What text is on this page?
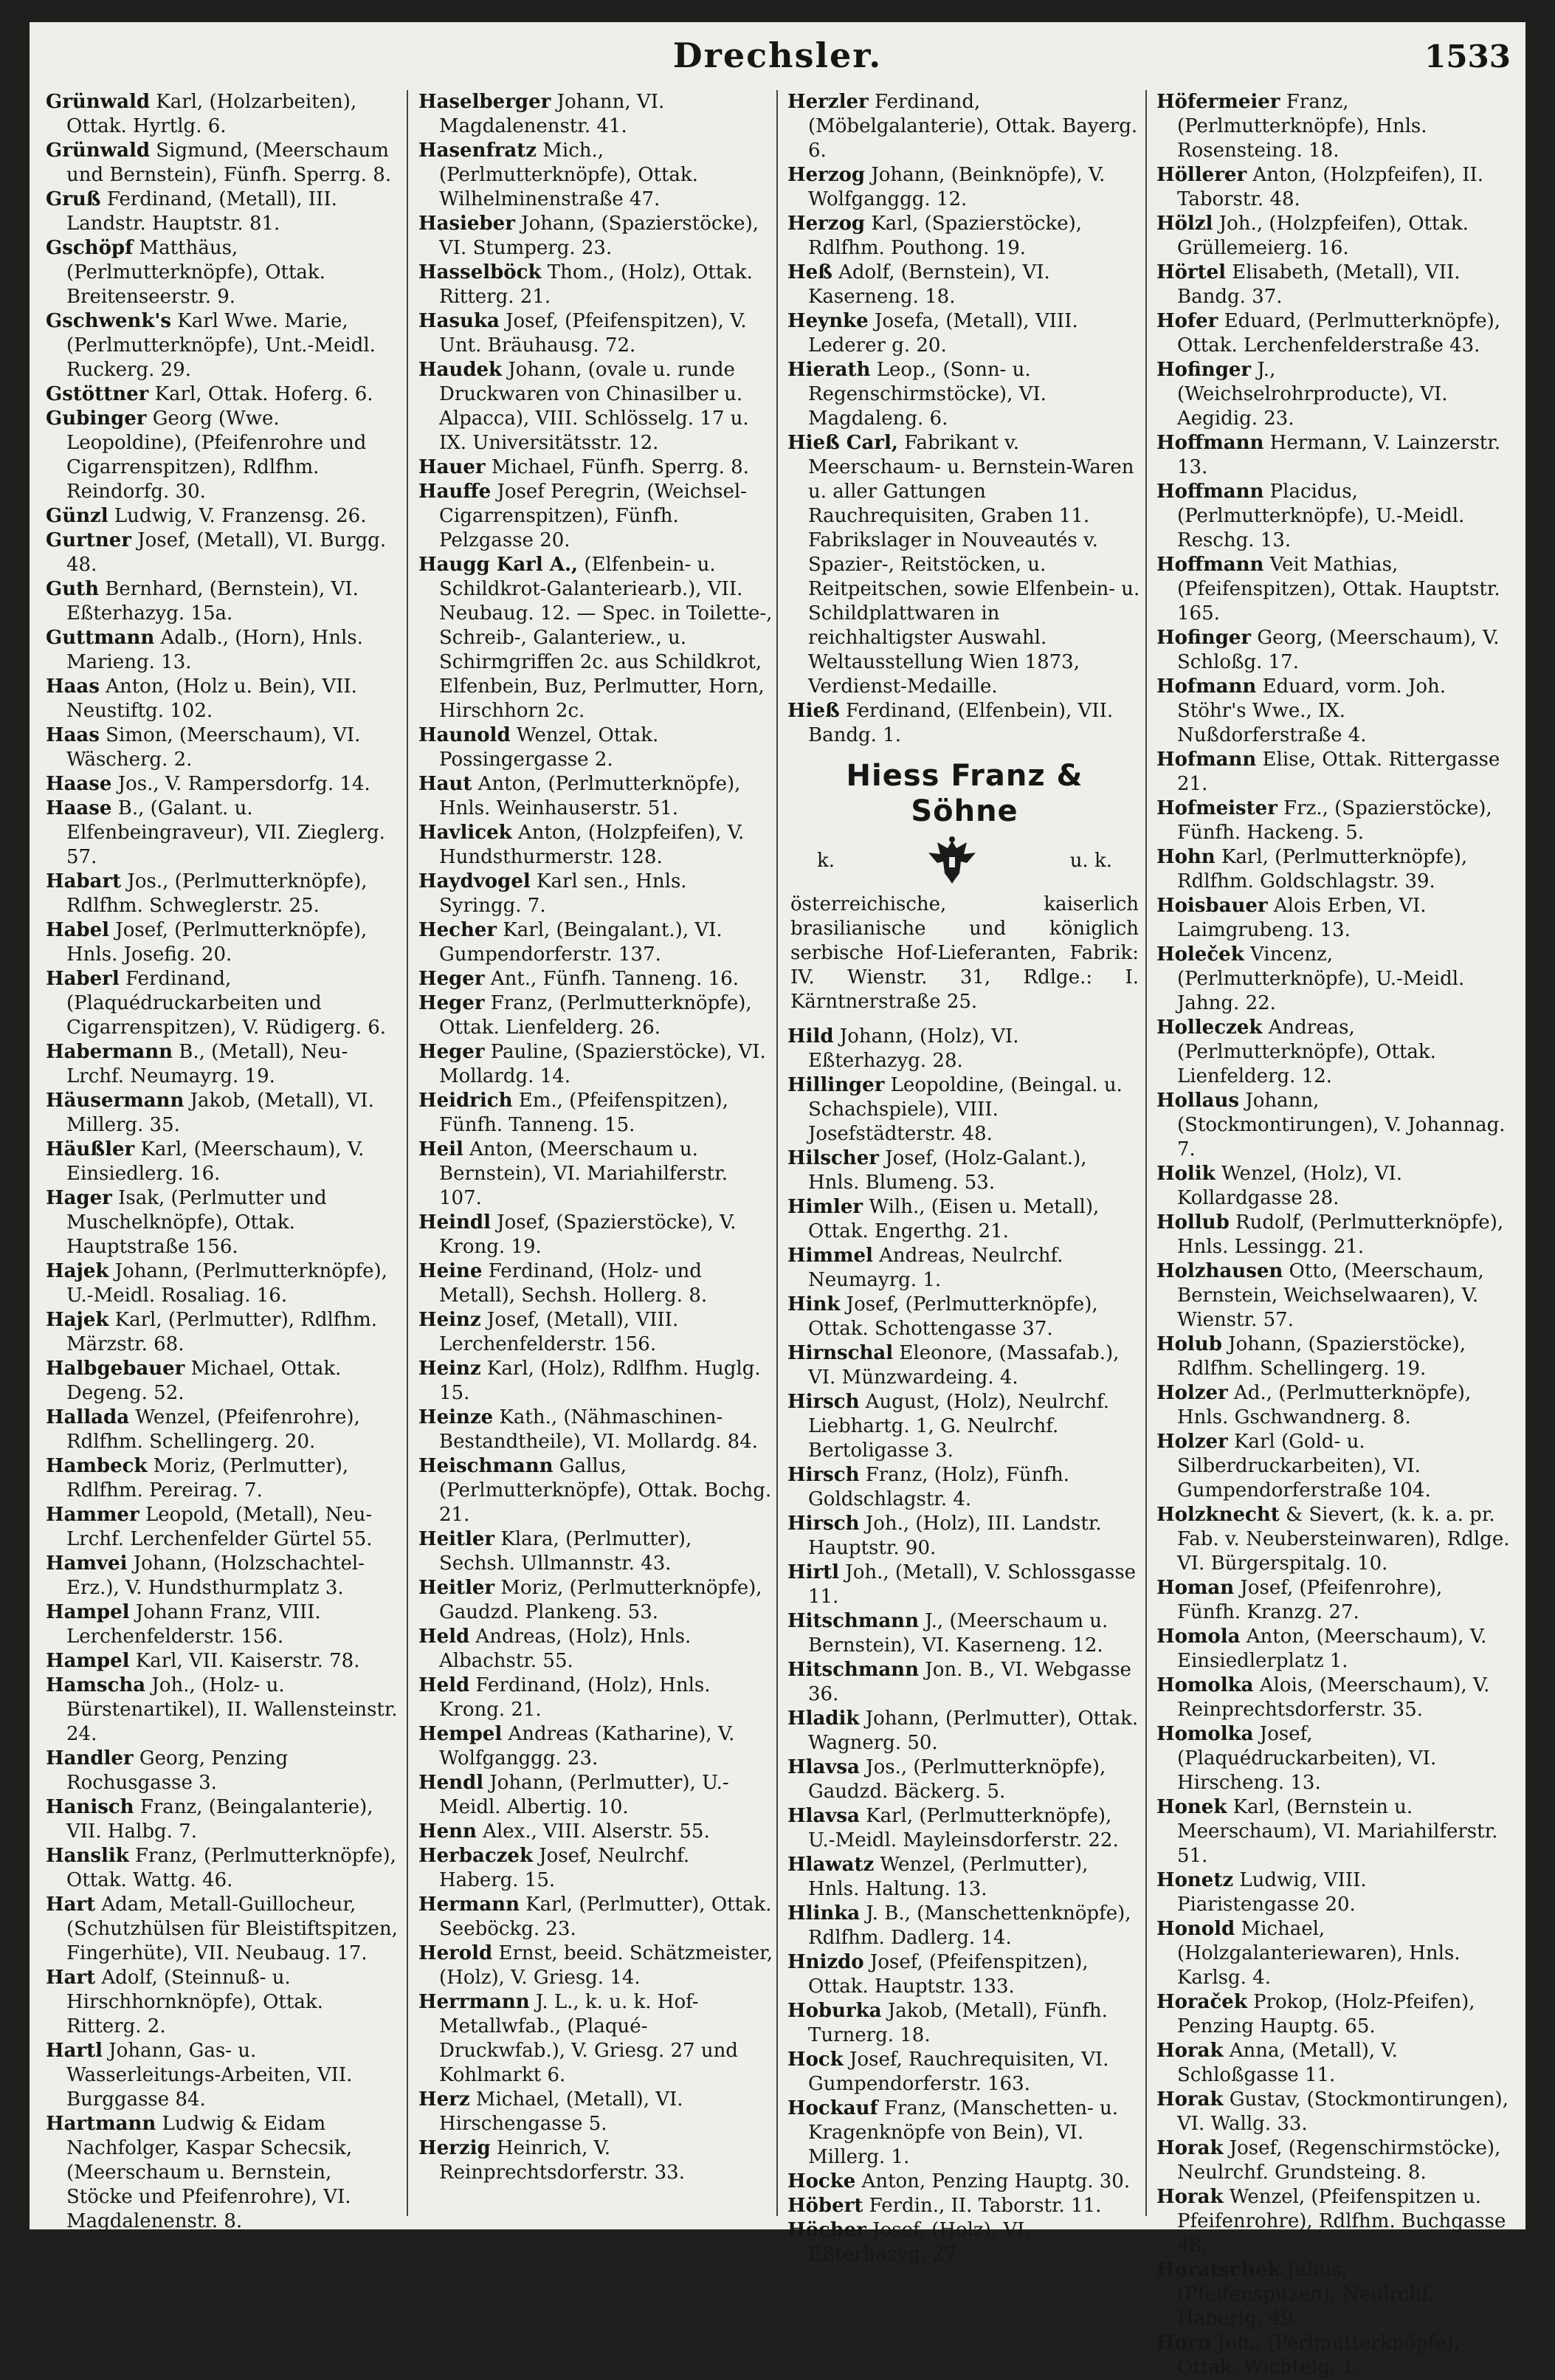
Drechsler.	1533
Grünwald Karl, (Holzarbeiten), Ottak. Hyrtlg. 6.
Grünwald Sigmund, (Meerschaum und Bernstein), Fünfh. Sperrg. 8.
Gruß Ferdinand, (Metall), III. Landstr. Hauptstr. 81.
Gschöpf Matthäus, (Perlmutterknöpfe), Ottak. Breitenseerstr. 9.
Gschwenk's Karl Wwe. Marie, (Perlmutterknöpfe), Unt.-Meidl. Ruckerg. 29.
Gstöttner Karl, Ottak. Hoferg. 6.
Gubinger Georg (Wwe. Leopoldine), (Pfeifenrohre und Cigarrenspitzen), Rdlfhm. Reindorfg. 30.
Günzl Ludwig, V. Franzensg. 26.
Gurtner Josef, (Metall), VI. Burgg. 48.
Guth Bernhard, (Bernstein), VI. Eßterhazyg. 15a.
Guttmann Adalb., (Horn), Hnls. Marieng. 13.
Haas Anton, (Holz u. Bein), VII. Neustiftg. 102.
Haas Simon, (Meerschaum), VI. Wäscherg. 2.
Haase Jos., V. Rampersdorfg. 14.
Haase B., (Galant. u. Elfenbeingraveur), VII. Zieglerg. 57.
Habart Jos., (Perlmutterknöpfe), Rdlfhm. Schweglerstr. 25.
Habel Josef, (Perlmutterknöpfe), Hnls. Josefig. 20.
Haberl Ferdinand, (Plaquédruckarbeiten und Cigarrenspitzen), V. Rüdigerg. 6.
Habermann B., (Metall), Neu-Lrchf. Neumayrg. 19.
Häusermann Jakob, (Metall), VI. Millerg. 35.
Häußler Karl, (Meerschaum), V. Einsiedlerg. 16.
Hager Isak, (Perlmutter und Muschelknöpfe), Ottak. Hauptstraße 156.
Hajek Johann, (Perlmutterknöpfe), U.-Meidl. Rosaliag. 16.
Hajek Karl, (Perlmutter), Rdlfhm. Märzstr. 68.
Halbgebauer Michael, Ottak. Degeng. 52.
Hallada Wenzel, (Pfeifenrohre), Rdlfhm. Schellingerg. 20.
Hambeck Moriz, (Perlmutter), Rdlfhm. Pereirag. 7.
Hammer Leopold, (Metall), Neu-Lrchf. Lerchenfelder Gürtel 55.
Hamvei Johann, (Holzschachtel-Erz.), V. Hundsthurmplatz 3.
Hampel Johann Franz, VIII. Lerchenfelderstr. 156.
Hampel Karl, VII. Kaiserstr. 78.
Hamscha Joh., (Holz- u. Bürstenartikel), II. Wallensteinstr. 24.
Handler Georg, Penzing Rochusgasse 3.
Hanisch Franz, (Beingalanterie), VII. Halbg. 7.
Hanslik Franz, (Perlmutterknöpfe), Ottak. Wattg. 46.
Hart Adam, Metall-Guillocheur, (Schutzhülsen für Bleistiftspitzen, Fingerhüte), VII. Neubaug. 17.
Hart Adolf, (Steinnuß- u. Hirschhornknöpfe), Ottak. Ritterg. 2.
Hartl Johann, Gas- u. Wasserleitungs-Arbeiten, VII. Burggasse 84.
Hartmann Ludwig & Eidam Nachfolger, Kaspar Schecsik, (Meerschaum u. Bernstein, Stöcke und Pfeifenrohre), VI. Magdalenenstr. 8.
Haselberger Johann, VI. Magdalenenstr. 41.
Hasenfratz Mich., (Perlmutterknöpfe), Ottak. Wilhelminenstraße 47.
Hasieber Johann, (Spazierstöcke), VI. Stumperg. 23.
Hasselböck Thom., (Holz), Ottak. Ritterg. 21.
Hasuka Josef, (Pfeifenspitzen), V. Unt. Bräuhausg. 72.
Haudek Johann, (ovale u. runde Druckwaren von Chinasilber u. Alpacca), VIII. Schlösselg. 17 u. IX. Universitätsstr. 12.
Hauer Michael, Fünfh. Sperrg. 8.
Hauffe Josef Peregrin, (Weichsel-Cigarrenspitzen), Fünfh. Pelzgasse 20.
Haugg Karl A., (Elfenbein- u. Schildkrot-Galanteriearb.), VII. Neubaug. 12. — Spec. in Toilette-, Schreib-, Galanteriew., u. Schirmgriffen 2c. aus Schildkrot, Elfenbein, Buz, Perlmutter, Horn, Hirschhorn 2c.
Haunold Wenzel, Ottak. Possingergasse 2.
Haut Anton, (Perlmutterknöpfe), Hnls. Weinhauserstr. 51.
Havlicek Anton, (Holzpfeifen), V. Hundsthurmerstr. 128.
Haydvogel Karl sen., Hnls. Syringg. 7.
Hecher Karl, (Beingalant.), VI. Gumpendorferstr. 137.
Heger Ant., Fünfh. Tanneng. 16.
Heger Franz, (Perlmutterknöpfe), Ottak. Lienfelderg. 26.
Heger Pauline, (Spazierstöcke), VI. Mollardg. 14.
Heidrich Em., (Pfeifenspitzen), Fünfh. Tanneng. 15.
Heil Anton, (Meerschaum u. Bernstein), VI. Mariahilferstr. 107.
Heindl Josef, (Spazierstöcke), V. Krong. 19.
Heine Ferdinand, (Holz- und Metall), Sechsh. Hollerg. 8.
Heinz Josef, (Metall), VIII. Lerchenfelderstr. 156.
Heinz Karl, (Holz), Rdlfhm. Huglg. 15.
Heinze Kath., (Nähmaschinen-Bestandtheile), VI. Mollardg. 84.
Heischmann Gallus, (Perlmutterknöpfe), Ottak. Bochg. 21.
Heitler Klara, (Perlmutter), Sechsh. Ullmannstr. 43.
Heitler Moriz, (Perlmutterknöpfe), Gaudzd. Plankeng. 53.
Held Andreas, (Holz), Hnls. Albachstr. 55.
Held Ferdinand, (Holz), Hnls. Krong. 21.
Hempel Andreas (Katharine), V. Wolfganggg. 23.
Hendl Johann, (Perlmutter), U.-Meidl. Albertig. 10.
Henn Alex., VIII. Alserstr. 55.
Herbaczek Josef, Neulrchf. Haberg. 15.
Hermann Karl, (Perlmutter), Ottak. Seeböckg. 23.
Herold Ernst, beeid. Schätzmeister, (Holz), V. Griesg. 14.
Herrmann J. L., k. u. k. Hof-Metallwfab., (Plaqué-Druckwfab.), V. Griesg. 27 und Kohlmarkt 6.
Herz Michael, (Metall), VI. Hirschengasse 5.
Herzig Heinrich, V. Reinprechtsdorferstr. 33.
Herzler Ferdinand, (Möbelgalanterie), Ottak. Bayerg. 6.
Herzog Johann, (Beinknöpfe), V. Wolfganggg. 12.
Herzog Karl, (Spazierstöcke), Rdlfhm. Pouthong. 19.
Heß Adolf, (Bernstein), VI. Kaserneng. 18.
Heynke Josefa, (Metall), VIII. Lederer g. 20.
Hierath Leop., (Sonn- u. Regenschirmstöcke), VI. Magdaleng. 6.
Hieß Carl, Fabrikant v. Meerschaum- u. Bernstein-Waren u. aller Gattungen Rauchrequisiten, Graben 11. Fabrikslager in Nouveautés v. Spazier-, Reitstöcken, u. Reitpeitschen, sowie Elfenbein- u. Schildplattwaren in reichhaltigster Auswahl. Weltausstellung Wien 1873, Verdienst-Medaille.
Hieß Ferdinand, (Elfenbein), VII. Bandg. 1.
Hiess Franz & Söhne
k.	u. k.
österreichische, kaiserlich brasilianische und königlich serbische Hof-Lieferanten, Fabrik: IV. Wienstr. 31, Rdlge.: I. Kärntnerstraße 25.
Hild Johann, (Holz), VI. Eßterhazyg. 28.
Hillinger Leopoldine, (Beingal. u. Schachspiele), VIII. Josefstädterstr. 48.
Hilscher Josef, (Holz-Galant.), Hnls. Blumeng. 53.
Himler Wilh., (Eisen u. Metall), Ottak. Engerthg. 21.
Himmel Andreas, Neulrchf. Neumayrg. 1.
Hink Josef, (Perlmutterknöpfe), Ottak. Schottengasse 37.
Hirnschal Eleonore, (Massafab.), VI. Münzwardeing. 4.
Hirsch August, (Holz), Neulrchf. Liebhartg. 1, G. Neulrchf. Bertoligasse 3.
Hirsch Franz, (Holz), Fünfh. Goldschlagstr. 4.
Hirsch Joh., (Holz), III. Landstr. Hauptstr. 90.
Hirtl Joh., (Metall), V. Schlossgasse 11.
Hitschmann J., (Meerschaum u. Bernstein), VI. Kaserneng. 12.
Hitschmann Jon. B., VI. Webgasse 36.
Hladik Johann, (Perlmutter), Ottak. Wagnerg. 50.
Hlavsa Jos., (Perlmutterknöpfe), Gaudzd. Bäckerg. 5.
Hlavsa Karl, (Perlmutterknöpfe), U.-Meidl. Mayleinsdorferstr. 22.
Hlawatz Wenzel, (Perlmutter), Hnls. Haltung. 13.
Hlinka J. B., (Manschettenknöpfe), Rdlfhm. Dadlerg. 14.
Hnizdo Josef, (Pfeifenspitzen), Ottak. Hauptstr. 133.
Hoburka Jakob, (Metall), Fünfh. Turnerg. 18.
Hock Josef, Rauchrequisiten, VI. Gumpendorferstr. 163.
Hockauf Franz, (Manschetten- u. Kragenknöpfe von Bein), VI. Millerg. 1.
Hocke Anton, Penzing Hauptg. 30.
Höbert Ferdin., II. Taborstr. 11.
Höcher Josef, (Holz), VI. Eßterhazyg. 27.
Höfermeier Franz, (Perlmutterknöpfe), Hnls. Rosensteing. 18.
Höllerer Anton, (Holzpfeifen), II. Taborstr. 48.
Hölzl Joh., (Holzpfeifen), Ottak. Grüllemeierg. 16.
Hörtel Elisabeth, (Metall), VII. Bandg. 37.
Hofer Eduard, (Perlmutterknöpfe), Ottak. Lerchenfelderstraße 43.
Hofinger J., (Weichselrohrproducte), VI. Aegidig. 23.
Hoffmann Hermann, V. Lainzerstr. 13.
Hoffmann Placidus, (Perlmutterknöpfe), U.-Meidl. Reschg. 13.
Hoffmann Veit Mathias, (Pfeifenspitzen), Ottak. Hauptstr. 165.
Hofinger Georg, (Meerschaum), V. Schloßg. 17.
Hofmann Eduard, vorm. Joh. Stöhr's Wwe., IX. Nußdorferstraße 4.
Hofmann Elise, Ottak. Rittergasse 21.
Hofmeister Frz., (Spazierstöcke), Fünfh. Hackeng. 5.
Hohn Karl, (Perlmutterknöpfe), Rdlfhm. Goldschlagstr. 39.
Hoisbauer Alois Erben, VI. Laimgrubeng. 13.
Holeček Vincenz, (Perlmutterknöpfe), U.-Meidl. Jahng. 22.
Holleczek Andreas, (Perlmutterknöpfe), Ottak. Lienfelderg. 12.
Hollaus Johann, (Stockmontirungen), V. Johannag. 7.
Holik Wenzel, (Holz), VI. Kollardgasse 28.
Hollub Rudolf, (Perlmutterknöpfe), Hnls. Lessingg. 21.
Holzhausen Otto, (Meerschaum, Bernstein, Weichselwaaren), V. Wienstr. 57.
Holub Johann, (Spazierstöcke), Rdlfhm. Schellingerg. 19.
Holzer Ad., (Perlmutterknöpfe), Hnls. Gschwandnerg. 8.
Holzer Karl (Gold- u. Silberdruckarbeiten), VI. Gumpendorferstraße 104.
Holzknecht & Sievert, (k. k. a. pr. Fab. v. Neubersteinwaren), Rdlge. VI. Bürgerspitalg. 10.
Homan Josef, (Pfeifenrohre), Fünfh. Kranzg. 27.
Homola Anton, (Meerschaum), V. Einsiedlerplatz 1.
Homolka Alois, (Meerschaum), V. Reinprechtsdorferstr. 35.
Homolka Josef, (Plaquédruckarbeiten), VI. Hirscheng. 13.
Honek Karl, (Bernstein u. Meerschaum), VI. Mariahilferstr. 51.
Honetz Ludwig, VIII. Piaristengasse 20.
Honold Michael, (Holzgalanteriewaren), Hnls. Karlsg. 4.
Horaček Prokop, (Holz-Pfeifen), Penzing Hauptg. 65.
Horak Anna, (Metall), V. Schloßgasse 11.
Horak Gustav, (Stockmontirungen), VI. Wallg. 33.
Horak Josef, (Regenschirmstöcke), Neulrchf. Grundsteing. 8.
Horak Wenzel, (Pfeifenspitzen u. Pfeifenrohre), Rdlfhm. Buchgasse 48.
Horatschek Julius, (Pfeifenspitzen), Neulrchf. Haberlg. 49.
Horn Joh., (Perlmutterknöpfe), Ottak. Wichtelg. 1.
